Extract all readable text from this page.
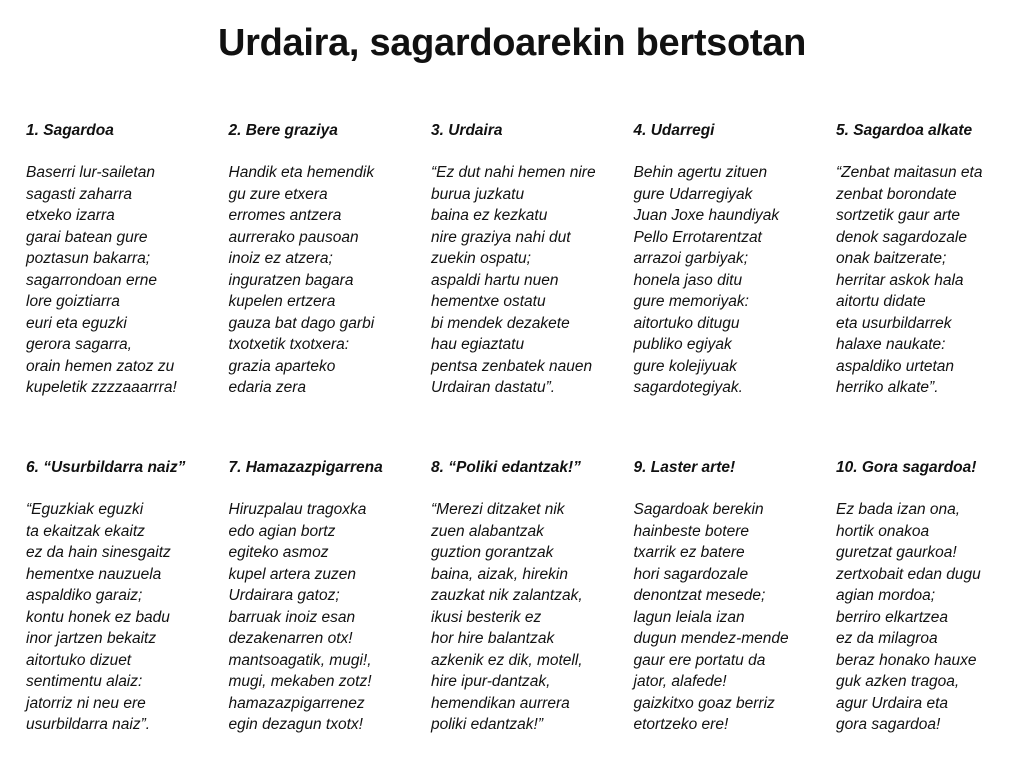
Urdaira, sagardoarekin bertsotan
1. Sagardoa
Baserri lur-sailetan
sagasti zaharra
etxeko izarra
garai batean gure
poztasun bakarra;
sagarrondoan erne
lore goiztiarra
euri eta eguzki
gerora sagarra,
orain hemen zatoz zu
kupeletik zzzzaaarrra!
2. Bere graziya
Handik eta hemendik
gu zure etxera
erromes antzera
aurrerako pausoan
inoiz ez atzera;
inguratzen bagara
kupelen ertzera
gauza bat dago garbi
txotxetik txotxera:
grazia aparteko
edaria zera
3. Urdaira
“Ez dut nahi hemen nire
burua juzkatu
baina ez kezkatu
nire graziya nahi dut
zuekin ospatu;
aspaldi hartu nuen
hementxe ostatu
bi mendek dezakete
hau egiaztatu
pentsa zenbatek nauen
Urdairan dastatu”.
4. Udarregi
Behin agertu zituen
gure Udarregiyak
Juan Joxe haundiyak
Pello Errotarentzat
arrazoi garbiyak;
honela jaso ditu
gure memoriyak:
aitortuko ditugu
publiko egiyak
gure kolejiyuak
sagardotegiyak.
5. Sagardoa alkate
“Zenbat maitasun eta
zenbat borondate
sortzetik gaur arte
denok sagardozale
onak baitzerate;
herritar askok hala
aitortu didate
eta usurbildarrek
halaxe naukate:
aspaldiko urtetan
herriko alkate”.
6. “Usurbildarra naiz”
“Eguzkiak eguzki
ta ekaitzak ekaitz
ez da hain sinesgaitz
hementxe nauzuela
aspaldiko garaiz;
kontu honek ez badu
inor jartzen bekaitz
aitortuko dizuet
sentimentu alaiz:
jatorriz ni neu ere
usurbildarra naiz”.
7. Hamazazpigarrena
Hiruzpalau tragoxka
edo agian bortz
egiteko asmoz
kupel artera zuzen
Urdairara gatoz;
barruak inoiz esan
dezakenarren otx!
mantsoagatik, mugi!,
mugi, mekaben zotz!
hamazazpigarrenez
egin dezagun txotx!
8. “Poliki edantzak!”
“Merezi ditzaket nik
zuen alabantzak
guztion gorantzak
baina, aizak, hirekin
zauzkat nik zalantzak,
ikusi besterik ez
hor hire balantzak
azkenik ez dik, motell,
hire ipur-dantzak,
hemendikan aurrera
poliki edantzak!”
9. Laster arte!
Sagardoak berekin
hainbeste botere
txarrik ez batere
hori sagardozale
denontzat mesede;
lagun leiala izan
dugun mendez-mende
gaur ere portatu da
jator, alafede!
gaizkitxo goaz berriz
etortzeko ere!
10. Gora sagardoa!
Ez bada izan ona,
hortik onakoa
guretzat gaurkoa!
zertxobait edan dugu
agian mordoa;
berriro elkartzea
ez da milagroa
beraz honako hauxe
guk azken tragoa,
agur Urdaira eta
gora sagardoa!
